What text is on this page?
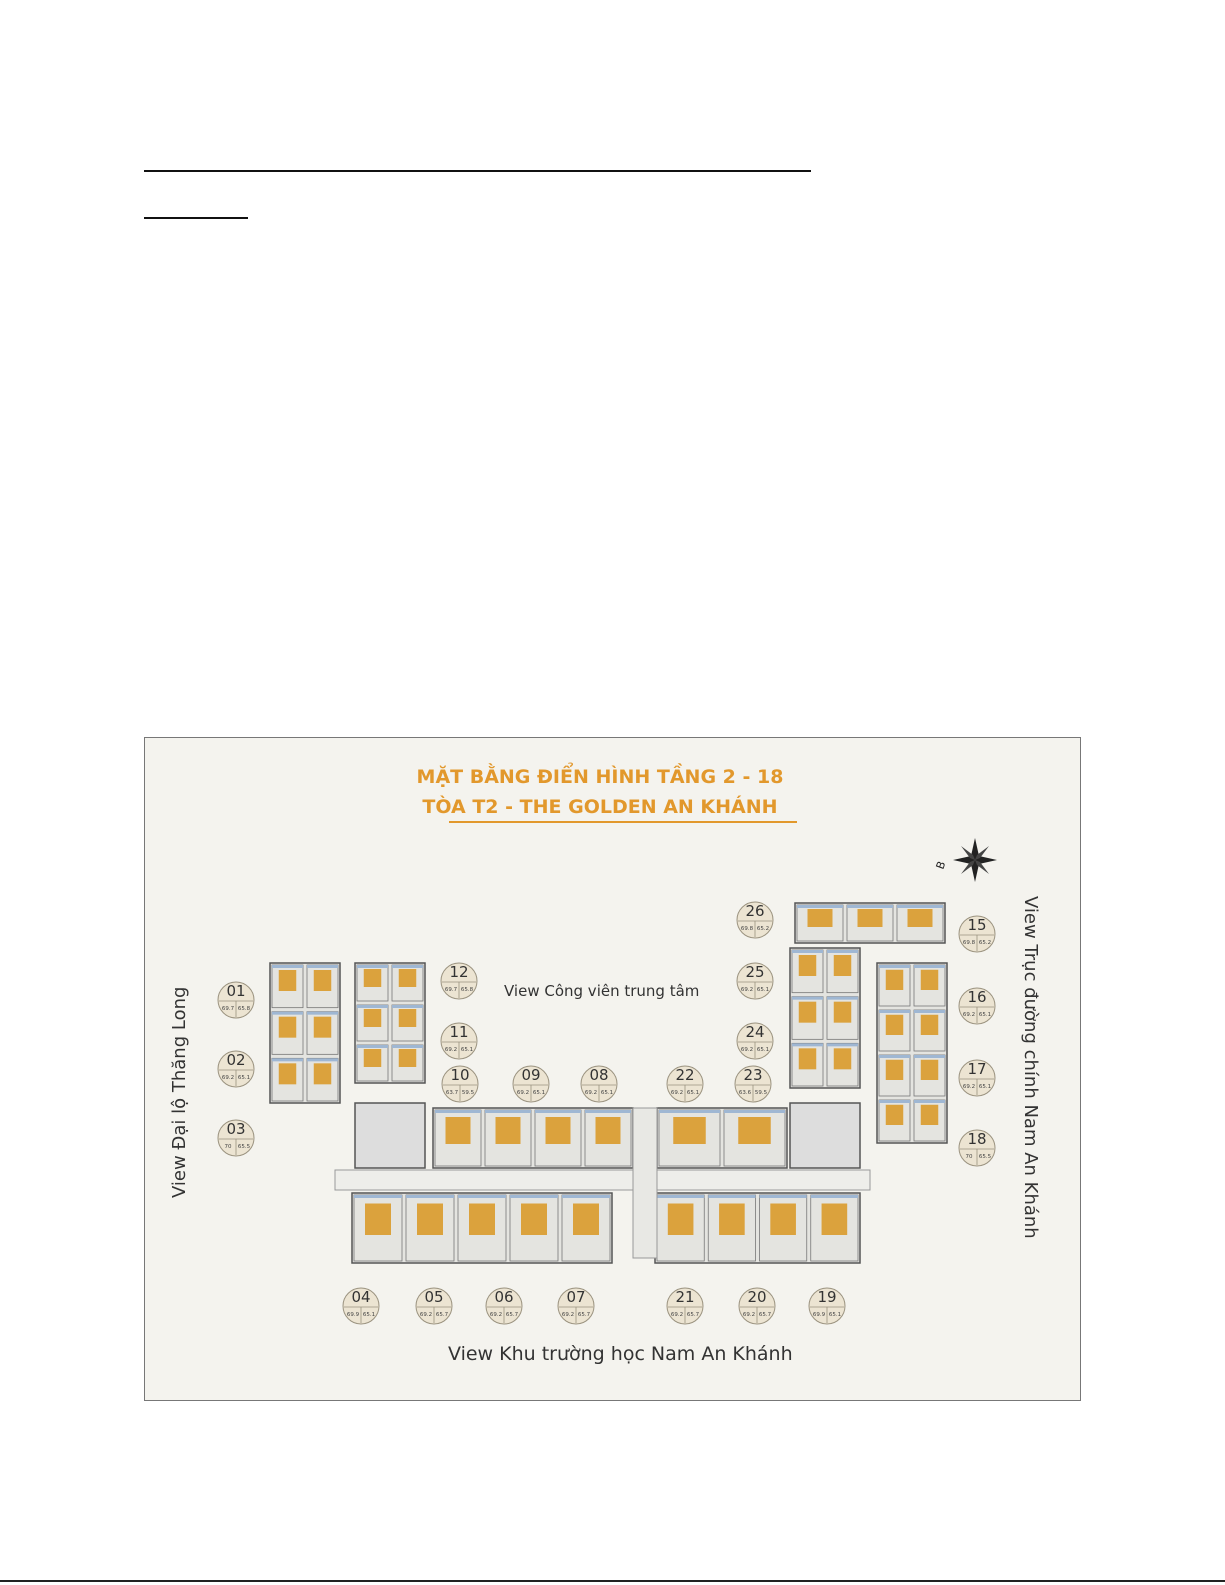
MẶT BẰNG ĐIỂN HÌNH TẦNG 2 - 18
TÒA T2 - THE GOLDEN AN KHÁNH
B
View Công viên trung tâm
View Đại lộ Thăng Long	View Trục đường chính Nam An Khánh
View Khu trường học Nam An Khánh
01
69.7 65.8
02
69.2 65.1
03
70 65.5
04
69.9 65.1
05
69.2 65.7
06
69.2 65.7
07
69.2 65.7
08
69.2 65.1
09
69.2 65.1
10
63.7 59.5
11
69.2 65.1
12
69.7 65.8
15
69.8 65.2
16
69.2 65.1
17
69.2 65.1
18
70 65.5
19
69.9 65.1
20
69.2 65.7
21
69.2 65.7
22
69.2 65.1
23
63.6 59.5
24
69.2 65.1
25
69.2 65.1
26
69.8 65.2
